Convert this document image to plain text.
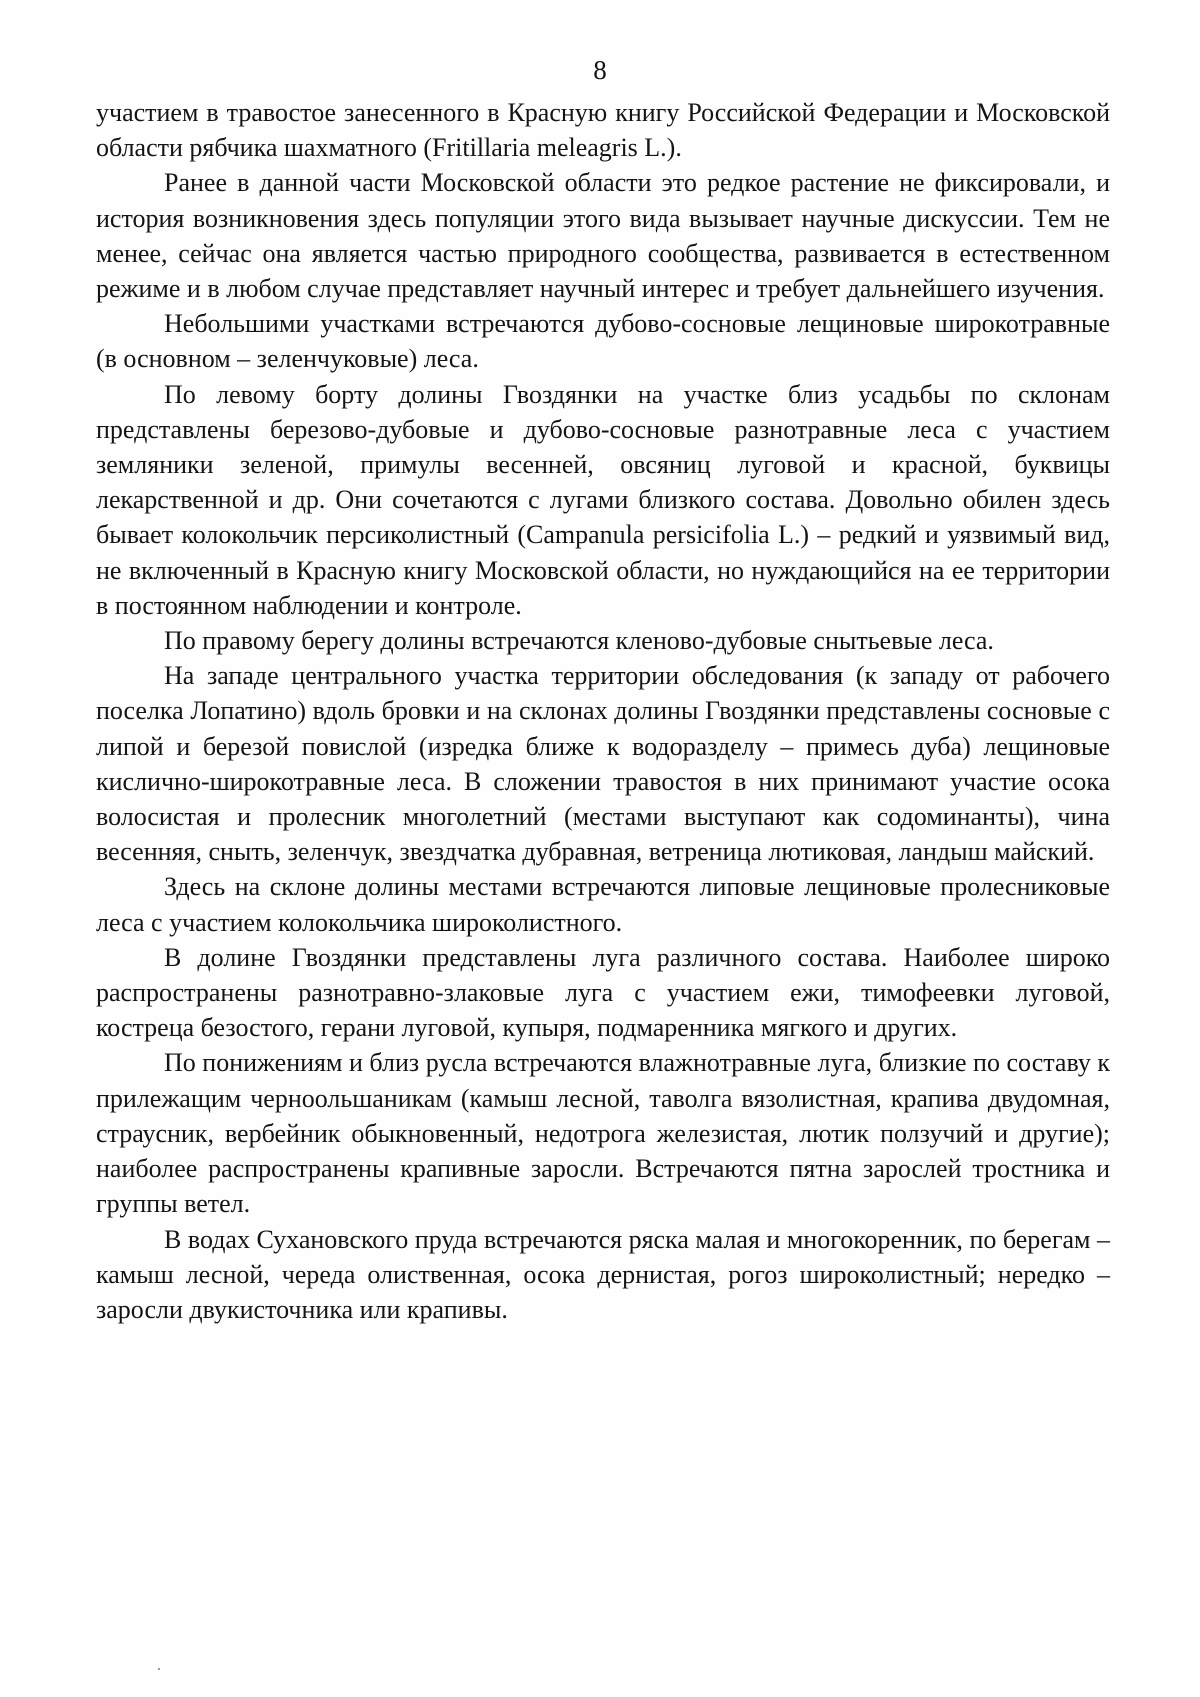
8

участием в травостое занесенного в Красную книгу Российской Федерации и Московской области рябчика шахматного (Fritillaria meleagris L.).

Ранее в данной части Московской области это редкое растение не фиксировали, и история возникновения здесь популяции этого вида вызывает научные дискуссии. Тем не менее, сейчас она является частью природного сообщества, развивается в естественном режиме и в любом случае представляет научный интерес и требует дальнейшего изучения.

Небольшими участками встречаются дубово-сосновые лещиновые широкотравные (в основном – зеленчуковые) леса.

По левому борту долины Гвоздянки на участке близ усадьбы по склонам представлены березово-дубовые и дубово-сосновые разнотравные леса с участием земляники зеленой, примулы весенней, овсяниц луговой и красной, буквицы лекарственной и др. Они сочетаются с лугами близкого состава. Довольно обилен здесь бывает колокольчик персиколистный (Campanula persicifolia L.) – редкий и уязвимый вид, не включенный в Красную книгу Московской области, но нуждающийся на ее территории в постоянном наблюдении и контроле.

По правому берегу долины встречаются кленово-дубовые снытьевые леса.

На западе центрального участка территории обследования (к западу от рабочего поселка Лопатино) вдоль бровки и на склонах долины Гвоздянки представлены сосновые с липой и березой повислой (изредка ближе к водоразделу – примесь дуба) лещиновые кислично-широкотравные леса. В сложении травостоя в них принимают участие осока волосистая и пролесник многолетний (местами выступают как содоминанты), чина весенняя, сныть, зеленчук, звездчатка дубравная, ветреница лютиковая, ландыш майский.

Здесь на склоне долины местами встречаются липовые лещиновые пролесниковые леса с участием колокольчика широколистного.

В долине Гвоздянки представлены луга различного состава. Наиболее широко распространены разнотравно-злаковые луга с участием ежи, тимофеевки луговой, костреца безостого, герани луговой, купыря, подмаренника мягкого и других.

По понижениям и близ русла встречаются влажнотравные луга, близкие по составу к прилежащим черноольшаникам (камыш лесной, таволга вязолистная, крапива двудомная, страусник, вербейник обыкновенный, недотрога железистая, лютик ползучий и другие); наиболее распространены крапивные заросли. Встречаются пятна зарослей тростника и группы ветел.

В водах Сухановского пруда встречаются ряска малая и многокоренник, по берегам – камыш лесной, череда олиственная, осока дернистая, рогоз широколистный; нередко – заросли двукисточника или крапивы.
